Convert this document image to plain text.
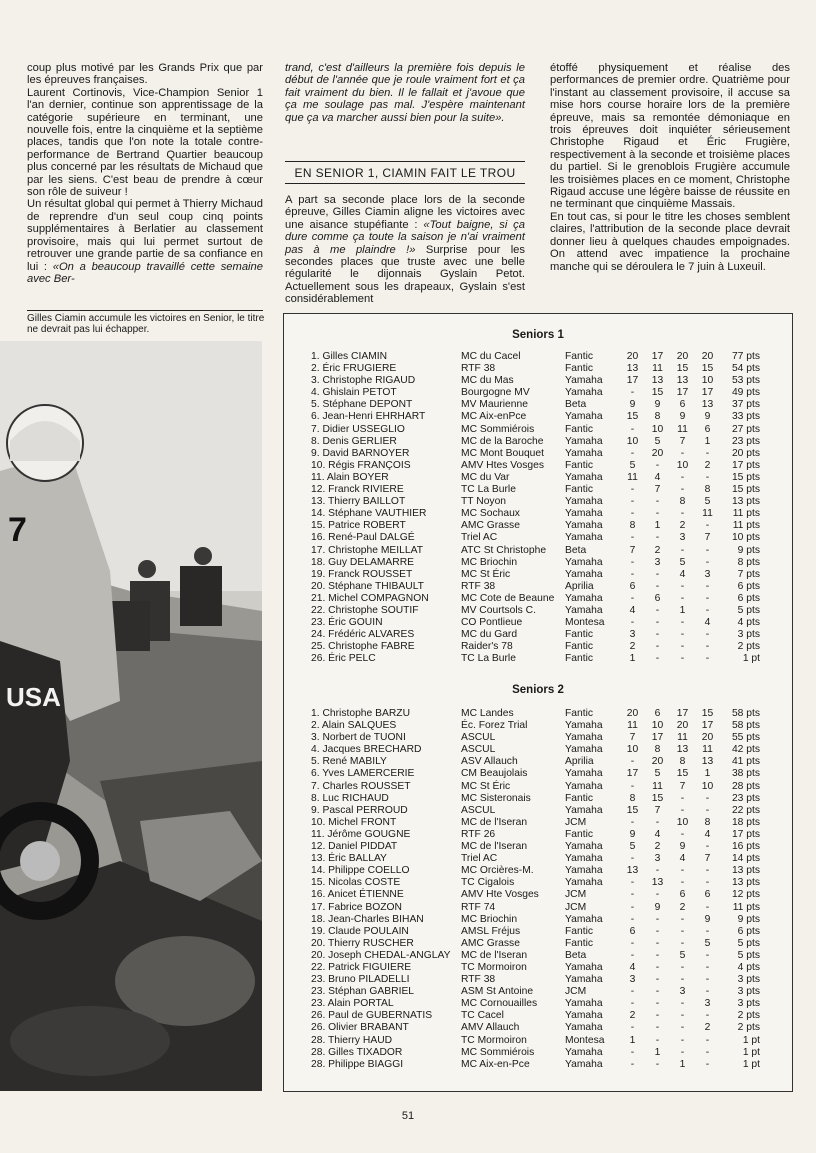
coup plus motivé par les Grands Prix que par les épreuves françaises.

Laurent Cortinovis, Vice-Champion Senior 1 l'an dernier, continue son apprentissage de la catégorie supérieure en terminant, une nouvelle fois, entre la cinquième et la septième places, tandis que l'on note la totale contre-performance de Bertrand Quartier beaucoup plus concerné par les résultats de Michaud que par les siens. C'est beau de prendre à cœur son rôle de suiveur !

Un résultat global qui permet à Thierry Michaud de reprendre d'un seul coup cinq points supplémentaires à Berlatier au classement provisoire, mais qui lui permet surtout de retrouver une grande partie de sa confiance en lui : «On a beaucoup travaillé cette semaine avec Ber-

Gilles Ciamin accumule les victoires en Senior, le titre ne devrait pas lui échapper.
7
USA

trand, c'est d'ailleurs la première fois depuis le début de l'année que je roule vraiment fort et ça fait vraiment du bien. Il le fallait et j'avoue que ça me soulage pas mal. J'espère maintenant que ça va marcher aussi bien pour la suite».

EN SENIOR 1, CIAMIN FAIT LE TROU

A part sa seconde place lors de la seconde épreuve, Gilles Ciamin aligne les victoires avec une aisance stupéfiante : «Tout baigne, si ça dure comme ça toute la saison je n'ai vraiment pas à me plaindre !» Surprise pour les secondes places que truste avec une belle régularité le dijonnais Gyslain Petot. Actuellement sous les drapeaux, Gyslain s'est considérablement

étoffé physiquement et réalise des performances de premier ordre. Quatrième pour l'instant au classement provisoire, il accuse sa mise hors course horaire lors de la première épreuve, mais sa remontée démoniaque en trois épreuves doit inquiéter sérieusement Christophe Rigaud et Éric Frugière, respectivement à la seconde et troisième places du partiel. Si le grenoblois Frugière accumule les troisièmes places en ce moment, Christophe Rigaud accuse une légère baisse de réussite en ne terminant que cinquième Massais.

En tout cas, si pour le titre les choses semblent claires, l'attribution de la seconde place devrait donner lieu à quelques chaudes empoignades. On attend avec impatience la prochaine manche qui se déroulera le 7 juin à Luxeuil.

Seniors 1
1. Gilles CIAMIN	MC du Cacel	Fantic	20	17	20	20	77 pts
2. Éric FRUGIERE	RTF 38	Fantic	13	11	15	15	54 pts
3. Christophe RIGAUD	MC du Mas	Yamaha	17	13	13	10	53 pts
4. Ghislain PETOT	Bourgogne MV	Yamaha	-	15	17	17	49 pts
5. Stéphane DEPONT	MV Maurienne	Beta	9	9	6	13	37 pts
6. Jean-Henri EHRHART	MC Aix-enPce	Yamaha	15	8	9	9	33 pts
7. Didier USSEGLIO	MC Sommiérois	Fantic	-	10	11	6	27 pts
8. Denis GERLIER	MC de la Baroche	Yamaha	10	5	7	1	23 pts
9. David BARNOYER	MC Mont Bouquet	Yamaha	-	20	-	-	20 pts
10. Régis FRANÇOIS	AMV Htes Vosges	Fantic	5	-	10	2	17 pts
11. Alain BOYER	MC du Var	Yamaha	11	4	-	-	15 pts
12. Franck RIVIERE	TC La Burle	Fantic	-	7	-	8	15 pts
13. Thierry BAILLOT	TT Noyon	Yamaha	-	-	8	5	13 pts
14. Stéphane VAUTHIER	MC Sochaux	Yamaha	-	-	-	11	11 pts
15. Patrice ROBERT	AMC Grasse	Yamaha	8	1	2	-	11 pts
16. René-Paul DALGÉ	Triel AC	Yamaha	-	-	3	7	10 pts
17. Christophe MEILLAT	ATC St Christophe	Beta	7	2	-	-	9 pts
18. Guy DELAMARRE	MC Briochin	Yamaha	-	3	5	-	8 pts
19. Franck ROUSSET	MC St Éric	Yamaha	-	-	4	3	7 pts
20. Stéphane THIBAULT	RTF 38	Aprilia	6	-	-	-	6 pts
21. Michel COMPAGNON	MC Cote de Beaune	Yamaha	-	6	-	-	6 pts
22. Christophe SOUTIF	MV Courtsols C.	Yamaha	4	-	1	-	5 pts
23. Éric GOUIN	CO Pontlieue	Montesa	-	-	-	4	4 pts
24. Frédéric ALVARES	MC du Gard	Fantic	3	-	-	-	3 pts
25. Christophe FABRE	Raider's 78	Fantic	2	-	-	-	2 pts
26. Éric PELC	TC La Burle	Fantic	1	-	-	-	1 pt
Seniors 2
1. Christophe BARZU	MC Landes	Fantic	20	6	17	15	58 pts
2. Alain SALQUES	Éc. Forez Trial	Yamaha	11	10	20	17	58 pts
3. Norbert de TUONI	ASCUL	Yamaha	7	17	11	20	55 pts
4. Jacques BRECHARD	ASCUL	Yamaha	10	8	13	11	42 pts
5. René MABILY	ASV Allauch	Aprilia	-	20	8	13	41 pts
6. Yves LAMERCERIE	CM Beaujolais	Yamaha	17	5	15	1	38 pts
7. Charles ROUSSET	MC St Éric	Yamaha	-	11	7	10	28 pts
8. Luc RICHAUD	MC Sisteronais	Fantic	8	15	-	-	23 pts
9. Pascal PERROUD	ASCUL	Yamaha	15	7	-	-	22 pts
10. Michel FRONT	MC de l'Iseran	JCM	-	-	10	8	18 pts
11. Jérôme GOUGNE	RTF 26	Fantic	9	4	-	4	17 pts
12. Daniel PIDDAT	MC de l'Iseran	Yamaha	5	2	9	-	16 pts
13. Éric BALLAY	Triel AC	Yamaha	-	3	4	7	14 pts
14. Philippe COELLO	MC Orcières-M.	Yamaha	13	-	-	-	13 pts
15. Nicolas COSTE	TC Cigalois	Yamaha	-	13	-	-	13 pts
16. Anicet ÉTIENNE	AMV Hte Vosges	JCM	-	-	6	6	12 pts
17. Fabrice BOZON	RTF 74	JCM	-	9	2	-	11 pts
18. Jean-Charles BIHAN	MC Briochin	Yamaha	-	-	-	9	9 pts
19. Claude POULAIN	AMSL Fréjus	Fantic	6	-	-	-	6 pts
20. Thierry RUSCHER	AMC Grasse	Fantic	-	-	-	5	5 pts
20. Joseph CHEDAL-ANGLAY	MC de l'Iseran	Beta	-	-	5	-	5 pts
22. Patrick FIGUIERE	TC Mormoiron	Yamaha	4	-	-	-	4 pts
23. Bruno PILADELLI	RTF 38	Yamaha	3	-	-	-	3 pts
23. Stéphan GABRIEL	ASM St Antoine	JCM	-	-	3	-	3 pts
23. Alain PORTAL	MC Cornouailles	Yamaha	-	-	-	3	3 pts
26. Paul de GUBERNATIS	TC Cacel	Yamaha	2	-	-	-	2 pts
26. Olivier BRABANT	AMV Allauch	Yamaha	-	-	-	2	2 pts
28. Thierry HAUD	TC Mormoiron	Montesa	1	-	-	-	1 pt
28. Gilles TIXADOR	MC Sommiérois	Yamaha	-	1	-	-	1 pt
28. Philippe BIAGGI	MC Aix-en-Pce	Yamaha	-	-	1	-	1 pt
51
